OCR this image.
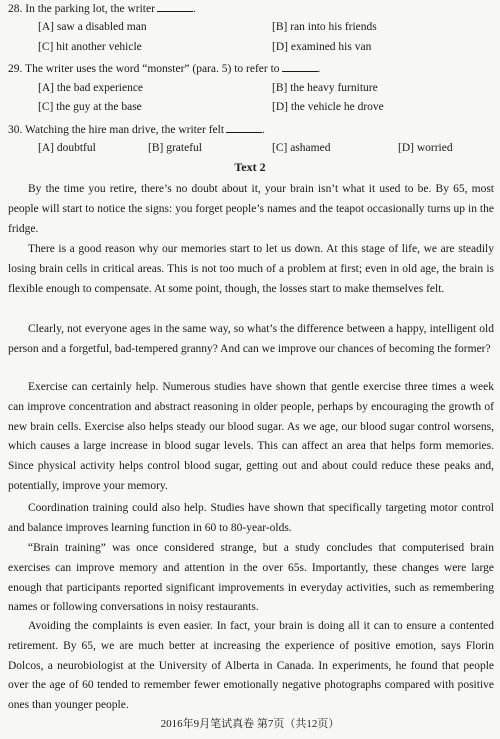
28. In the parking lot, the writer	.
[A] saw a disabled man	[B] ran into his friends
[C] hit another vehicle	[D] examined his van
29. The writer uses the word “monster” (para. 5) to refer to	.
[A] the bad experience	[B] the heavy furniture
[C] the guy at the base	[D] the vehicle he drove
30. Watching the hire man drive, the writer felt	.
[A] doubtful	[B] grateful	[C] ashamed	[D] worried
Text 2
By the time you retire, there’s no doubt about it, your brain isn’t what it used to be. By 65, most people will start to notice the signs: you forget people’s names and the teapot occasionally turns up in the fridge.
There is a good reason why our memories start to let us down. At this stage of life, we are steadily losing brain cells in critical areas. This is not too much of a problem at first; even in old age, the brain is flexible enough to compensate. At some point, though, the losses start to make themselves felt.
Clearly, not everyone ages in the same way, so what’s the difference between a happy, intelligent old person and a forgetful, bad-tempered granny? And can we improve our chances of becoming the former?
Exercise can certainly help. Numerous studies have shown that gentle exercise three times a week can improve concentration and abstract reasoning in older people, perhaps by encouraging the growth of new brain cells. Exercise also helps steady our blood sugar. As we age, our blood sugar control worsens, which causes a large increase in blood sugar levels. This can affect an area that helps form memories. Since physical activity helps control blood sugar, getting out and about could reduce these peaks and, potentially, improve your memory.
Coordination training could also help. Studies have shown that specifically targeting motor control and balance improves learning function in 60 to 80-year-olds.
“Brain training” was once considered strange, but a study concludes that computerised brain exercises can improve memory and attention in the over 65s. Importantly, these changes were large enough that participants reported significant improvements in everyday activities, such as remembering names or following conversations in noisy restaurants.
Avoiding the complaints is even easier. In fact, your brain is doing all it can to ensure a contented retirement. By 65, we are much better at increasing the experience of positive emotion, says Florin Dolcos, a neurobiologist at the University of Alberta in Canada. In experiments, he found that people over the age of 60 tended to remember fewer emotionally negative photographs compared with positive ones than younger people.
2016年9月笔试真卷 第7页（共12页）
